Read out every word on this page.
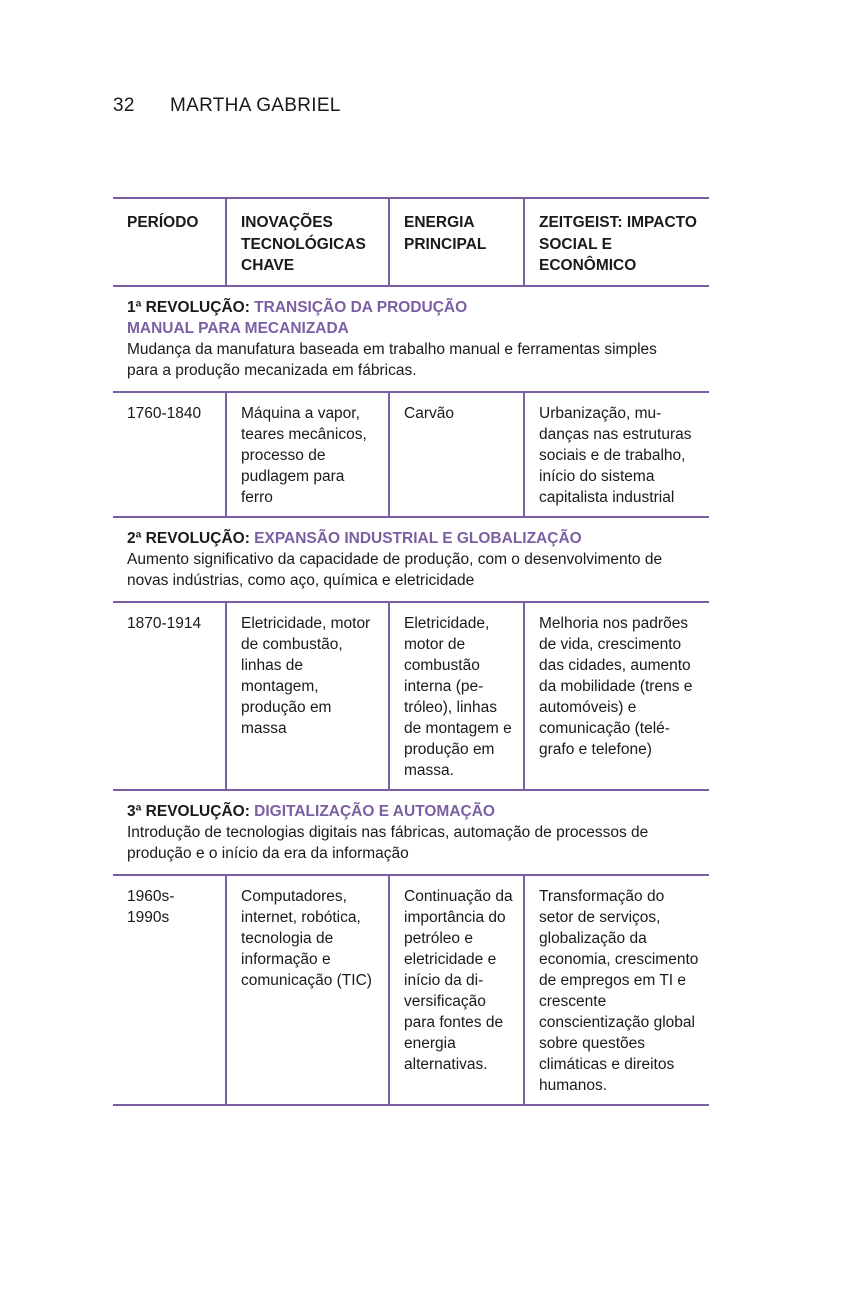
32 MARTHA GABRIEL
PERÍODO	INOVAÇÕES TECNOLÓGICAS CHAVE	ENERGIA PRINCIPAL	ZEITGEIST: IMPACTO SOCIAL E ECONÔMICO

1ª REVOLUÇÃO: TRANSIÇÃO DA PRODUÇÃO MANUAL PARA MECANIZADA
Mudança da manufatura baseada em trabalho manual e ferramentas simples para a produção mecanizada em fábricas.			

1760-1840	Máquina a vapor, teares mecânicos, processo de pudlagem para ferro	Carvão	Urbanização, mudanças nas estruturas sociais e de trabalho, início do sistema capitalista industrial

2ª REVOLUÇÃO: EXPANSÃO INDUSTRIAL E GLOBALIZAÇÃO
Aumento significativo da capacidade de produção, com o desenvolvimento de novas indústrias, como aço, química e eletricidade			

1870-1914	Eletricidade, motor de combustão, linhas de montagem, produção em massa	Eletricidade, motor de combustão interna (petróleo), linhas de montagem e produção em massa.	Melhoria nos padrões de vida, crescimento das cidades, aumento da mobilidade (trens e automóveis) e comunicação (telégrafo e telefone)

3ª REVOLUÇÃO: DIGITALIZAÇÃO E AUTOMAÇÃO
Introdução de tecnologias digitais nas fábricas, automação de processos de produção e o início da era da informação			

1960s-1990s	Computadores, internet, robótica, tecnologia de informação e comunicação (TIC)	Continuação da importância do petróleo e eletricidade e início da diversificação para fontes de energia alternativas.	Transformação do setor de serviços, globalização da economia, crescimento de empregos em TI e crescente conscientização global sobre questões climáticas e direitos humanos.
